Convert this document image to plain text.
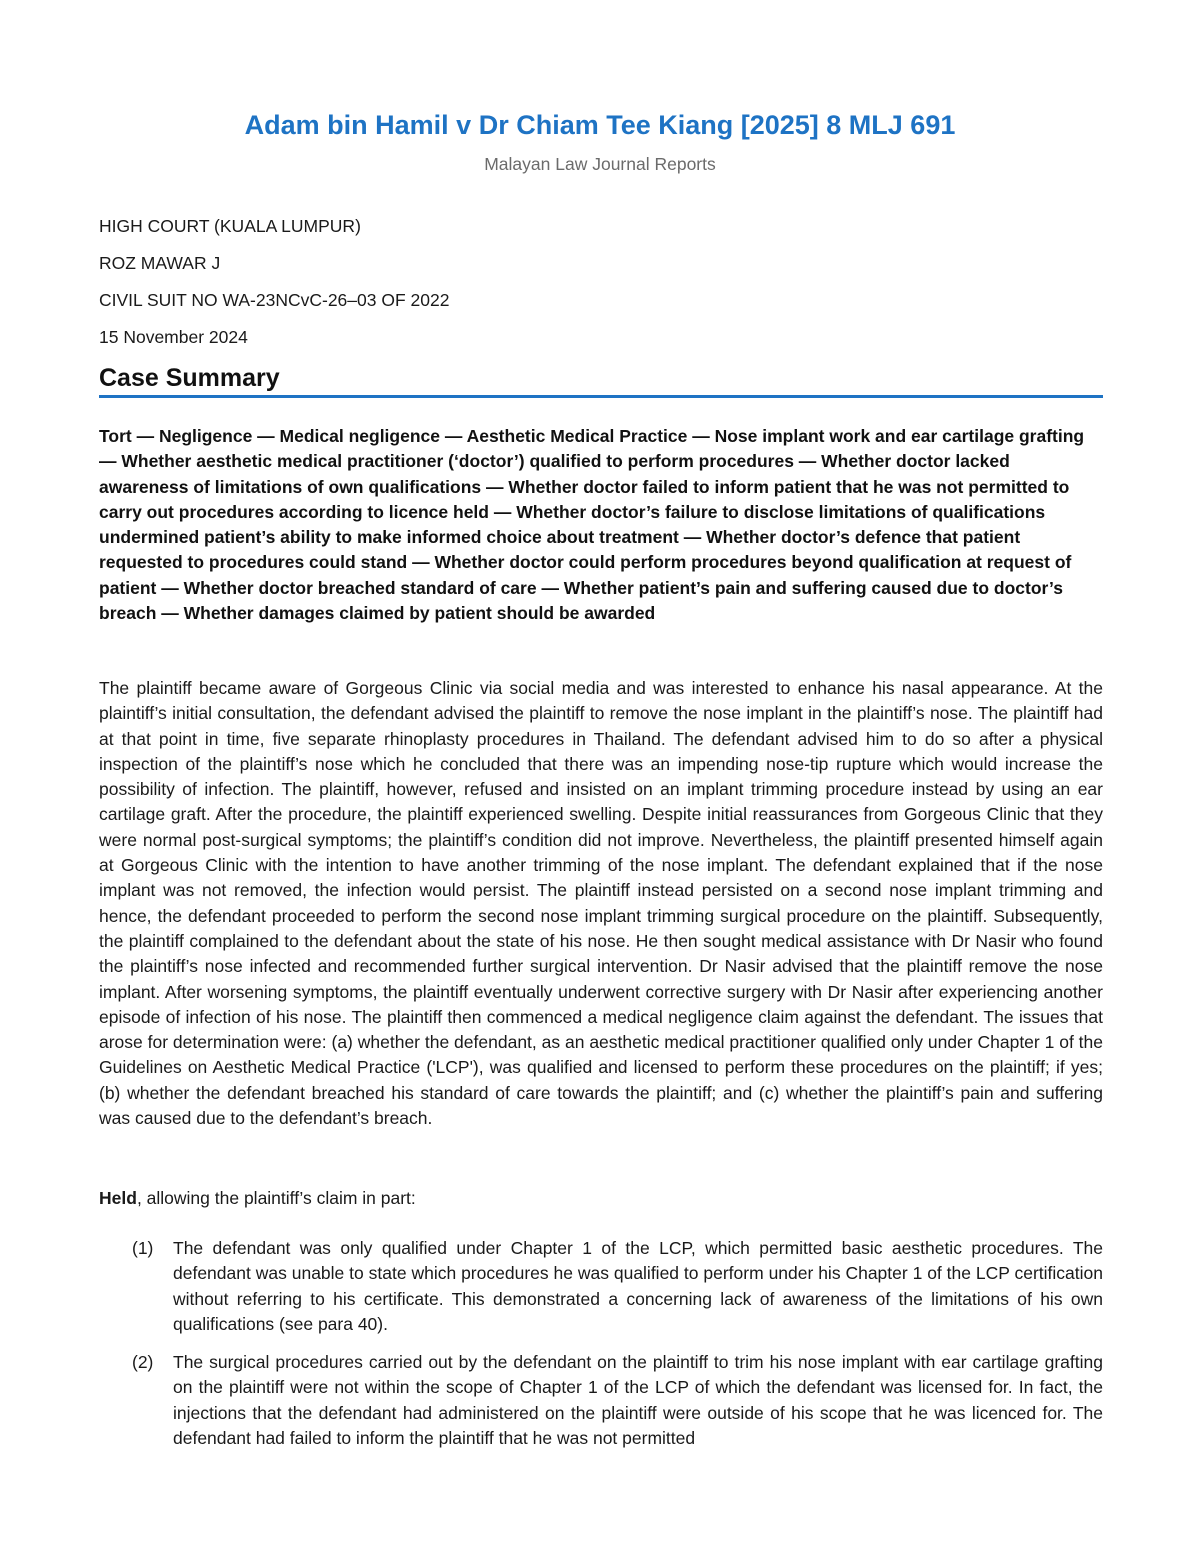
Adam bin Hamil v Dr Chiam Tee Kiang [2025] 8 MLJ 691
Malayan Law Journal Reports
HIGH COURT (KUALA LUMPUR)
ROZ MAWAR J
CIVIL SUIT NO WA-23NCvC-26–03 OF 2022
15 November 2024
Case Summary
Tort — Negligence — Medical negligence — Aesthetic Medical Practice — Nose implant work and ear cartilage grafting — Whether aesthetic medical practitioner (‘doctor’) qualified to perform procedures — Whether doctor lacked awareness of limitations of own qualifications — Whether doctor failed to inform patient that he was not permitted to carry out procedures according to licence held — Whether doctor’s failure to disclose limitations of qualifications undermined patient’s ability to make informed choice about treatment — Whether doctor’s defence that patient requested to procedures could stand — Whether doctor could perform procedures beyond qualification at request of patient — Whether doctor breached standard of care — Whether patient’s pain and suffering caused due to doctor’s breach — Whether damages claimed by patient should be awarded
The plaintiff became aware of Gorgeous Clinic via social media and was interested to enhance his nasal appearance. At the plaintiff’s initial consultation, the defendant advised the plaintiff to remove the nose implant in the plaintiff’s nose. The plaintiff had at that point in time, five separate rhinoplasty procedures in Thailand. The defendant advised him to do so after a physical inspection of the plaintiff’s nose which he concluded that there was an impending nose-tip rupture which would increase the possibility of infection. The plaintiff, however, refused and insisted on an implant trimming procedure instead by using an ear cartilage graft. After the procedure, the plaintiff experienced swelling. Despite initial reassurances from Gorgeous Clinic that they were normal post-surgical symptoms; the plaintiff’s condition did not improve. Nevertheless, the plaintiff presented himself again at Gorgeous Clinic with the intention to have another trimming of the nose implant. The defendant explained that if the nose implant was not removed, the infection would persist. The plaintiff instead persisted on a second nose implant trimming and hence, the defendant proceeded to perform the second nose implant trimming surgical procedure on the plaintiff. Subsequently, the plaintiff complained to the defendant about the state of his nose. He then sought medical assistance with Dr Nasir who found the plaintiff’s nose infected and recommended further surgical intervention. Dr Nasir advised that the plaintiff remove the nose implant. After worsening symptoms, the plaintiff eventually underwent corrective surgery with Dr Nasir after experiencing another episode of infection of his nose. The plaintiff then commenced a medical negligence claim against the defendant. The issues that arose for determination were: (a) whether the defendant, as an aesthetic medical practitioner qualified only under Chapter 1 of the Guidelines on Aesthetic Medical Practice ('LCP'), was qualified and licensed to perform these procedures on the plaintiff; if yes; (b) whether the defendant breached his standard of care towards the plaintiff; and (c) whether the plaintiff’s pain and suffering was caused due to the defendant’s breach.
Held, allowing the plaintiff’s claim in part:
(1) The defendant was only qualified under Chapter 1 of the LCP, which permitted basic aesthetic procedures. The defendant was unable to state which procedures he was qualified to perform under his Chapter 1 of the LCP certification without referring to his certificate. This demonstrated a concerning lack of awareness of the limitations of his own qualifications (see para 40).
(2) The surgical procedures carried out by the defendant on the plaintiff to trim his nose implant with ear cartilage grafting on the plaintiff were not within the scope of Chapter 1 of the LCP of which the defendant was licensed for. In fact, the injections that the defendant had administered on the plaintiff were outside of his scope that he was licenced for. The defendant had failed to inform the plaintiff that he was not permitted
